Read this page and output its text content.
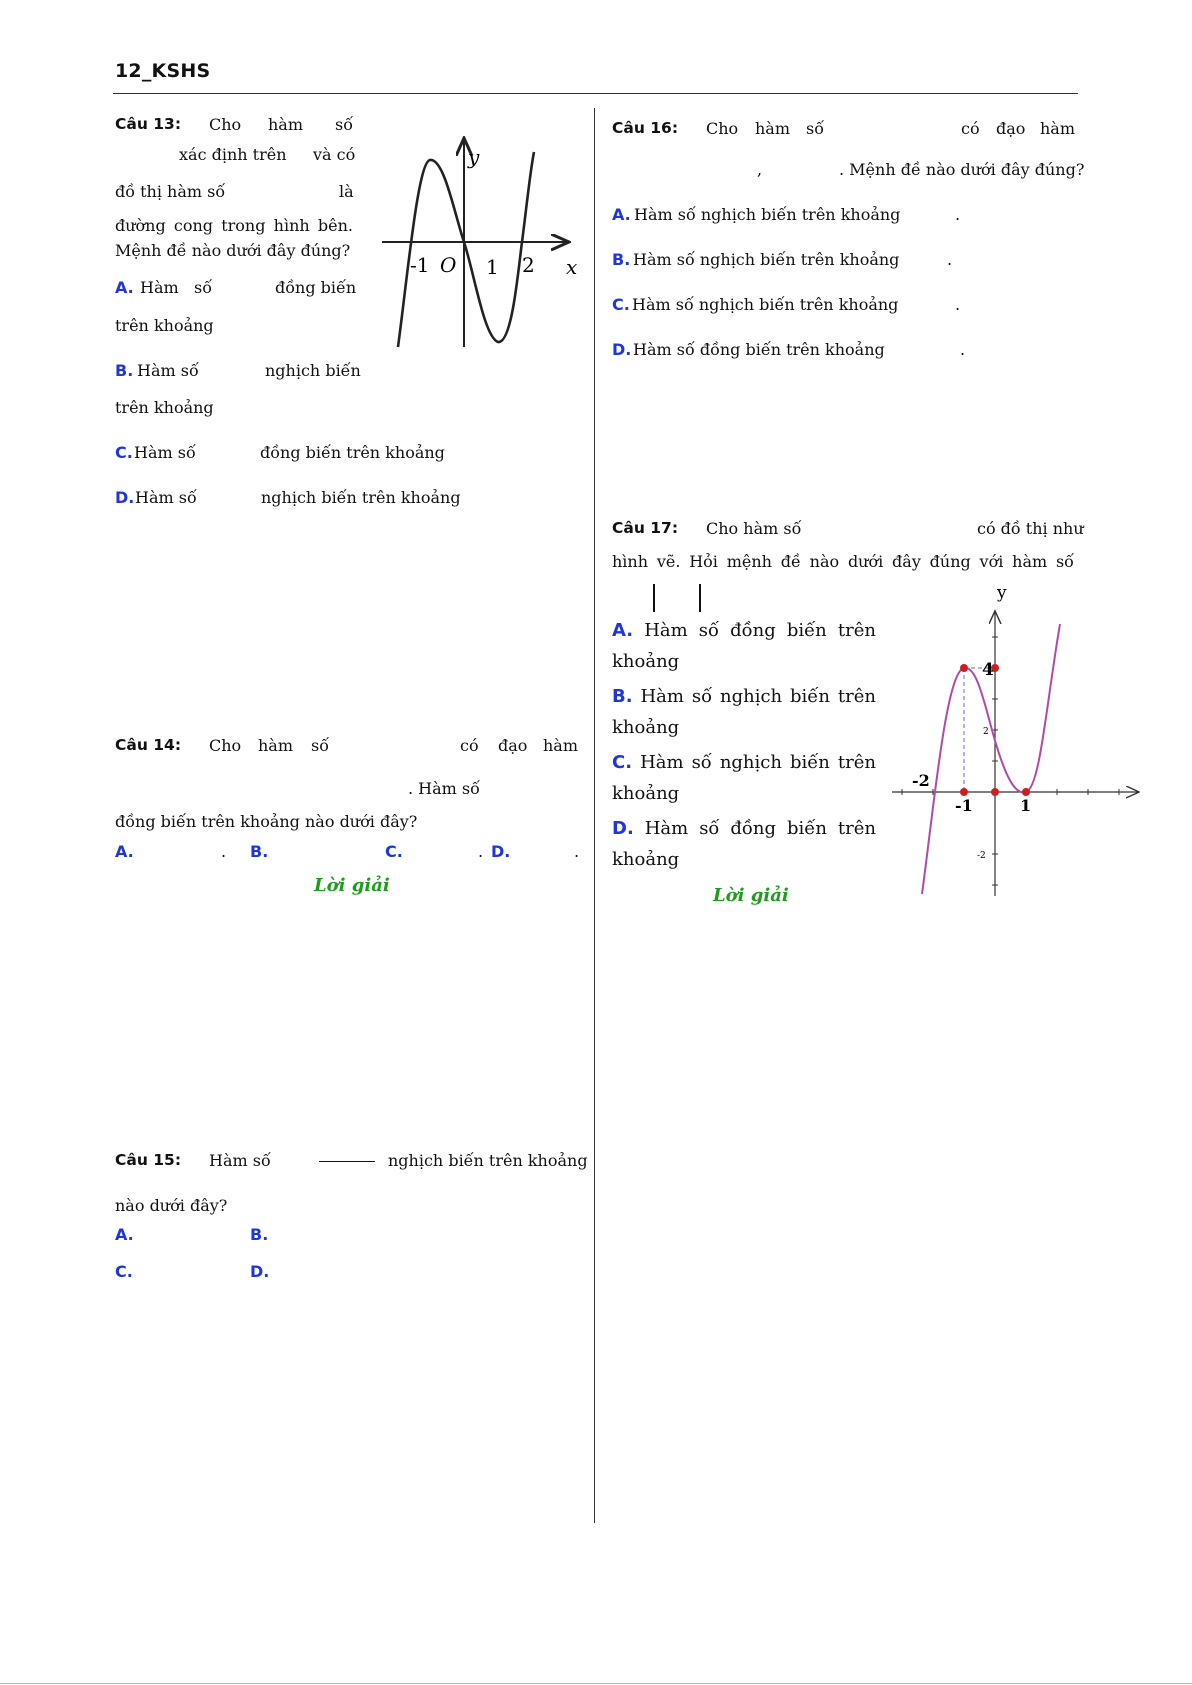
12_KSHS
Câu 13: Cho hàm số
xác định trên và có
đồ thị hàm số	là
đường cong trong hình bên.
Mệnh đề nào dưới đây đúng?
A. Hàm số	đồng biến
trên khoảng
B. Hàm số	nghịch biến
trên khoảng
C. Hàm số	đồng biến trên khoảng
D. Hàm số	nghịch biến trên khoảng
y
x
O
-1	1 2
Câu 14: Cho hàm số	có đạo hàm
. Hàm số
đồng biến trên khoảng nào dưới đây?
A.	. B.	C.	. D.	.
Lời giải
Câu 15: Hàm số	nghịch biến trên khoảng
nào dưới đây?
A.	B.
C.	D.
Câu 16: Cho hàm số	có đạo hàm
,	. Mệnh đề nào dưới đây đúng?
A. Hàm số nghịch biến trên khoảng	.
B. Hàm số nghịch biến trên khoảng	.
C. Hàm số nghịch biến trên khoảng	.
D. Hàm số đồng biến trên khoảng	.
Câu 17: Cho hàm số	có đồ thị như
hình vẽ. Hỏi mệnh đề nào dưới đây đúng với hàm số
A. Hàm số đồng biến trên
khoảng
B. Hàm số nghịch biến trên
khoảng
C. Hàm số nghịch biến trên
khoảng
D. Hàm số đồng biến trên
khoảng
Lời giải
y
4
2
-2
-1	1
-2
